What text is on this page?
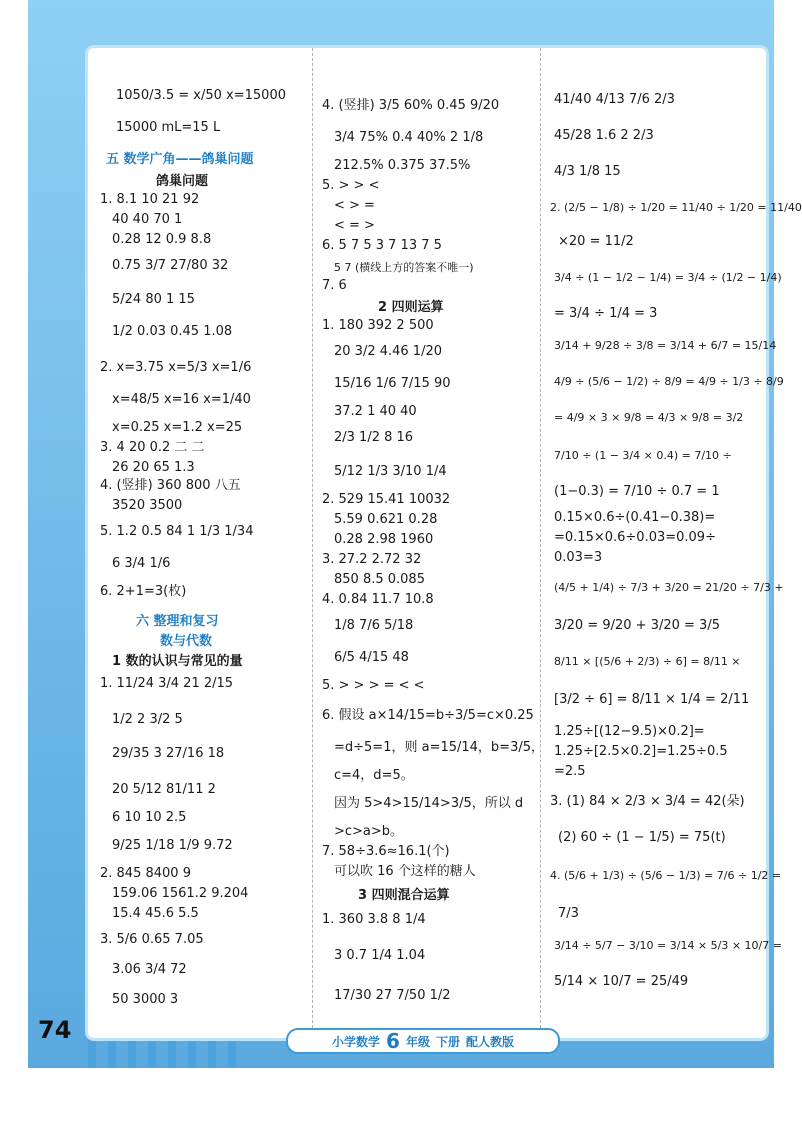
1050/3.5 = x/50 x=15000
15000 mL=15 L
五 数学广角——鸽巢问题
鸽巢问题
1. 8.1 10 21 92
40 40 70 1
0.28 12 0.9 8.8
0.75 3/7 27/80 32
5/24 80 1 15
1/2 0.03 0.45 1.08
2. x=3.75 x=5/3 x=1/6
x=48/5 x=16 x=1/40
x=0.25 x=1.2 x=25
3. 4 20 0.2 二 二
26 20 65 1.3
4. (竖排) 360 800 八五
3520 3500
5. 1.2 0.5 84 1 1/3 1/34
6 3/4 1/6
6. 2+1=3(枚)
六 整理和复习
数与代数
1 数的认识与常见的量
1. 11/24 3/4 21 2/15
1/2 2 3/2 5
29/35 3 27/16 18
20 5/12 81/11 2
6 10 10 2.5
9/25 1/18 1/9 9.72
2. 845 8400 9
159.06 1561.2 9.204
15.4 45.6 5.5
3. 5/6 0.65 7.05
3.06 3/4 72
50 3000 3
4. (竖排) 3/5 60% 0.45 9/20
3/4 75% 0.4 40% 2 1/8
212.5% 0.375 37.5%
5. > > <
< > =
< = >
6. 5 7 5 3 7 13 7 5
5 7 (横线上方的答案不唯一)
7. 6
2 四则运算
1. 180 392 2 500
20 3/2 4.46 1/20
15/16 1/6 7/15 90
37.2 1 40 40
2/3 1/2 8 16
5/12 1/3 3/10 1/4
2. 529 15.41 10032
5.59 0.621 0.28
0.28 2.98 1960
3. 27.2 2.72 32
850 8.5 0.085
4. 0.84 11.7 10.8
1/8 7/6 5/18
6/5 4/15 48
5. > > > = < <
6. 假设 a×14/15=b÷3/5=c×0.25
=d÷5=1，则 a=15/14，b=3/5，
c=4，d=5。
因为 5>4>15/14>3/5，所以 d
>c>a>b。
7. 58÷3.6≈16.1(个)
可以吹 16 个这样的糖人
3 四则混合运算
1. 360 3.8 8 1/4
3 0.7 1/4 1.04
17/30 27 7/50 1/2
41/40 4/13 7/6 2/3
45/28 1.6 2 2/3
4/3 1/8 15
2. (2/5 − 1/8) ÷ 1/20 = 11/40 ÷ 1/20 = 11/40
×20 = 11/2
3/4 ÷ (1 − 1/2 − 1/4) = 3/4 ÷ (1/2 − 1/4)
= 3/4 ÷ 1/4 = 3
3/14 + 9/28 ÷ 3/8 = 3/14 + 6/7 = 15/14
4/9 ÷ (5/6 − 1/2) ÷ 8/9 = 4/9 ÷ 1/3 ÷ 8/9
= 4/9 × 3 × 9/8 = 4/3 × 9/8 = 3/2
7/10 ÷ (1 − 3/4 × 0.4) = 7/10 ÷
(1−0.3) = 7/10 ÷ 0.7 = 1
0.15×0.6÷(0.41−0.38)=
=0.15×0.6÷0.03=0.09÷
0.03=3
(4/5 + 1/4) ÷ 7/3 + 3/20 = 21/20 ÷ 7/3 +
3/20 = 9/20 + 3/20 = 3/5
8/11 × [(5/6 + 2/3) ÷ 6] = 8/11 ×
[3/2 ÷ 6] = 8/11 × 1/4 = 2/11
1.25÷[(12−9.5)×0.2]=
1.25÷[2.5×0.2]=1.25÷0.5
=2.5
3. (1) 84 × 2/3 × 3/4 = 42(朵)
(2) 60 ÷ (1 − 1/5) = 75(t)
4. (5/6 + 1/3) ÷ (5/6 − 1/3) = 7/6 ÷ 1/2 =
7/3
3/14 ÷ 5/7 − 3/10 = 3/14 × 5/3 × 10/7 =
5/14 × 10/7 = 25/49
小学数学 6 年级 下册 配人教版
74
